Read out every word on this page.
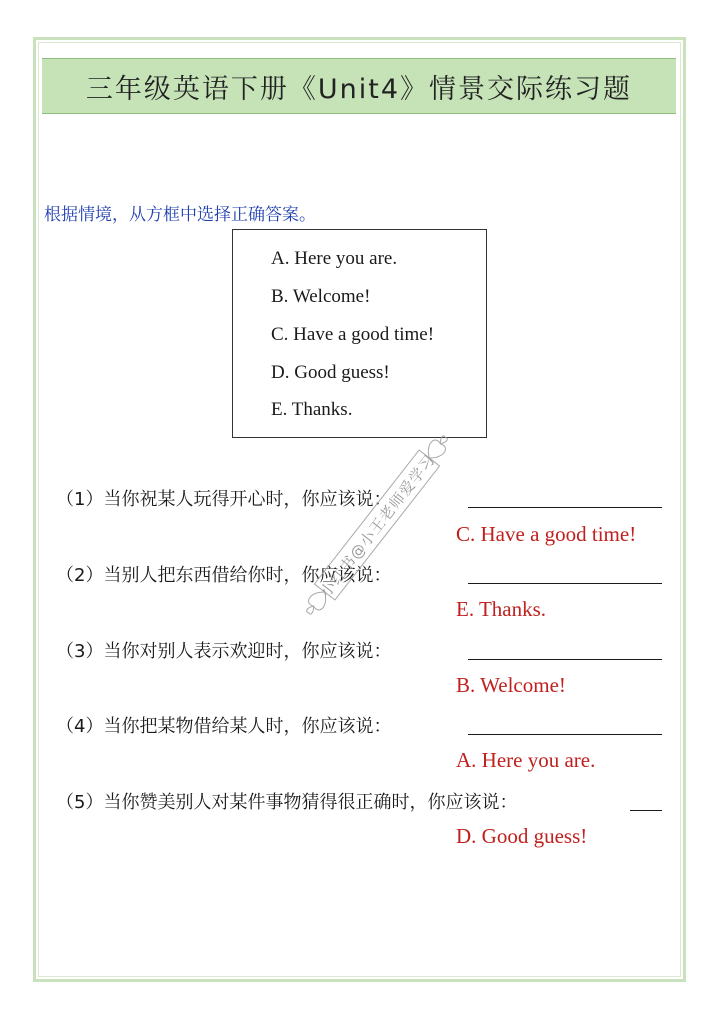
三年级英语下册《Unit4》情景交际练习题
根据情境，从方框中选择正确答案。
A. Here you are.
B. Welcome!
C. Have a good time!
D. Good guess!
E. Thanks.
（1）当你祝某人玩得开心时，你应该说：
C. Have a good time!
（2）当别人把东西借给你时，你应该说：
E. Thanks.
（3）当你对别人表示欢迎时，你应该说：
B. Welcome!
（4）当你把某物借给某人时，你应该说：
A. Here you are.
（5）当你赞美别人对某件事物猜得很正确时，你应该说：
D. Good guess!
小红书@小王老师爱学习
